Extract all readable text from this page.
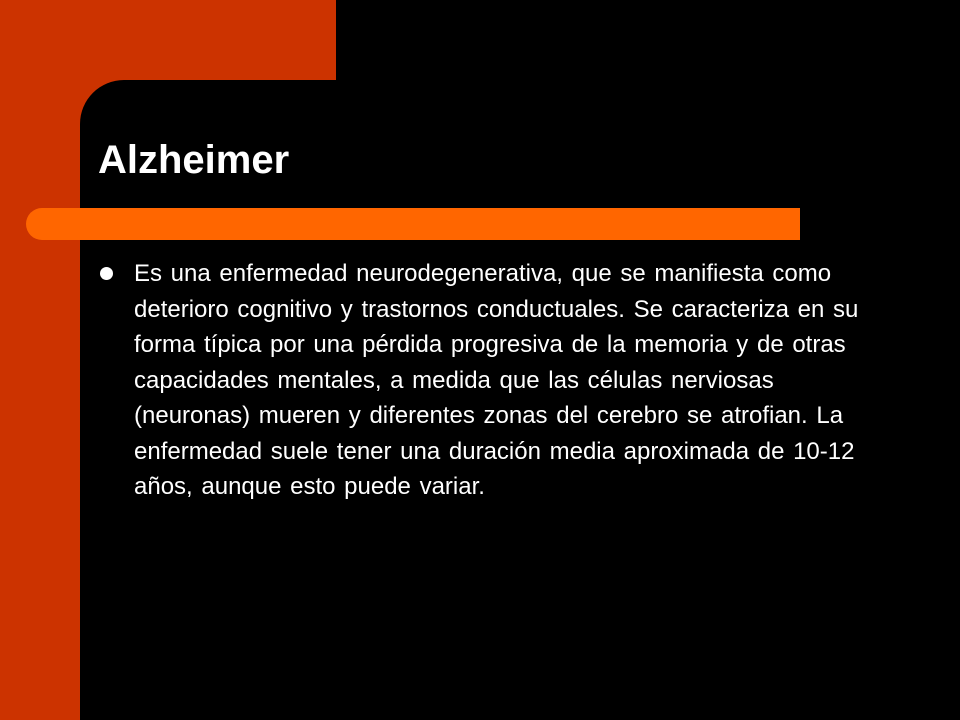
Alzheimer

Es una enfermedad neurodegenerativa, que se manifiesta como deterioro cognitivo y trastornos conductuales. Se caracteriza en su forma típica por una pérdida progresiva de la memoria y de otras capacidades mentales, a medida que las células nerviosas (neuronas) mueren y diferentes zonas del cerebro se atrofian. La enfermedad suele tener una duración media aproximada de 10-12 años, aunque esto puede variar.
